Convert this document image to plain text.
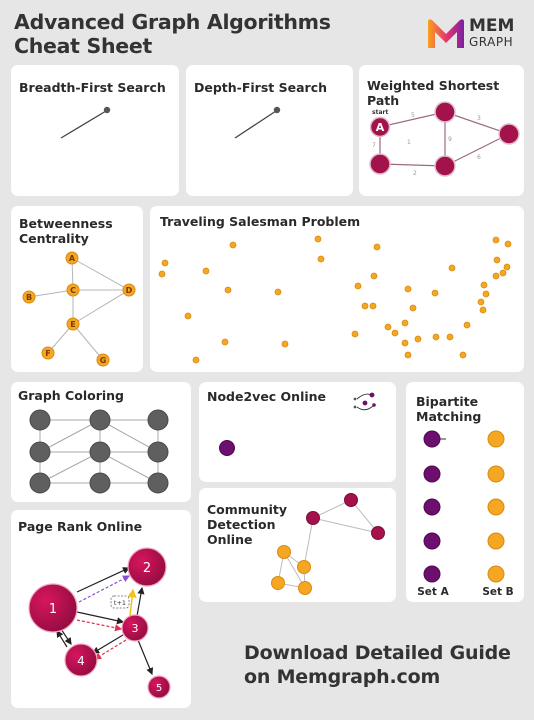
Advanced Graph Algorithms
Cheat Sheet
MEM
GRAPH
Breadth-First Search Depth-First Search	Weighted Shortest Path
5
7	1	9
3
6
2
start
A
Betweenness
Centrality
A
B
C	D
E
F
G
Traveling Salesman Problem
Graph Coloring	Node2vec Online	Bipartite
Matching
Set A	Set B
Community
Detection
Online
Page Rank Online
t+1
1
2
3
4
5
Download Detailed Guide
on Memgraph.com
